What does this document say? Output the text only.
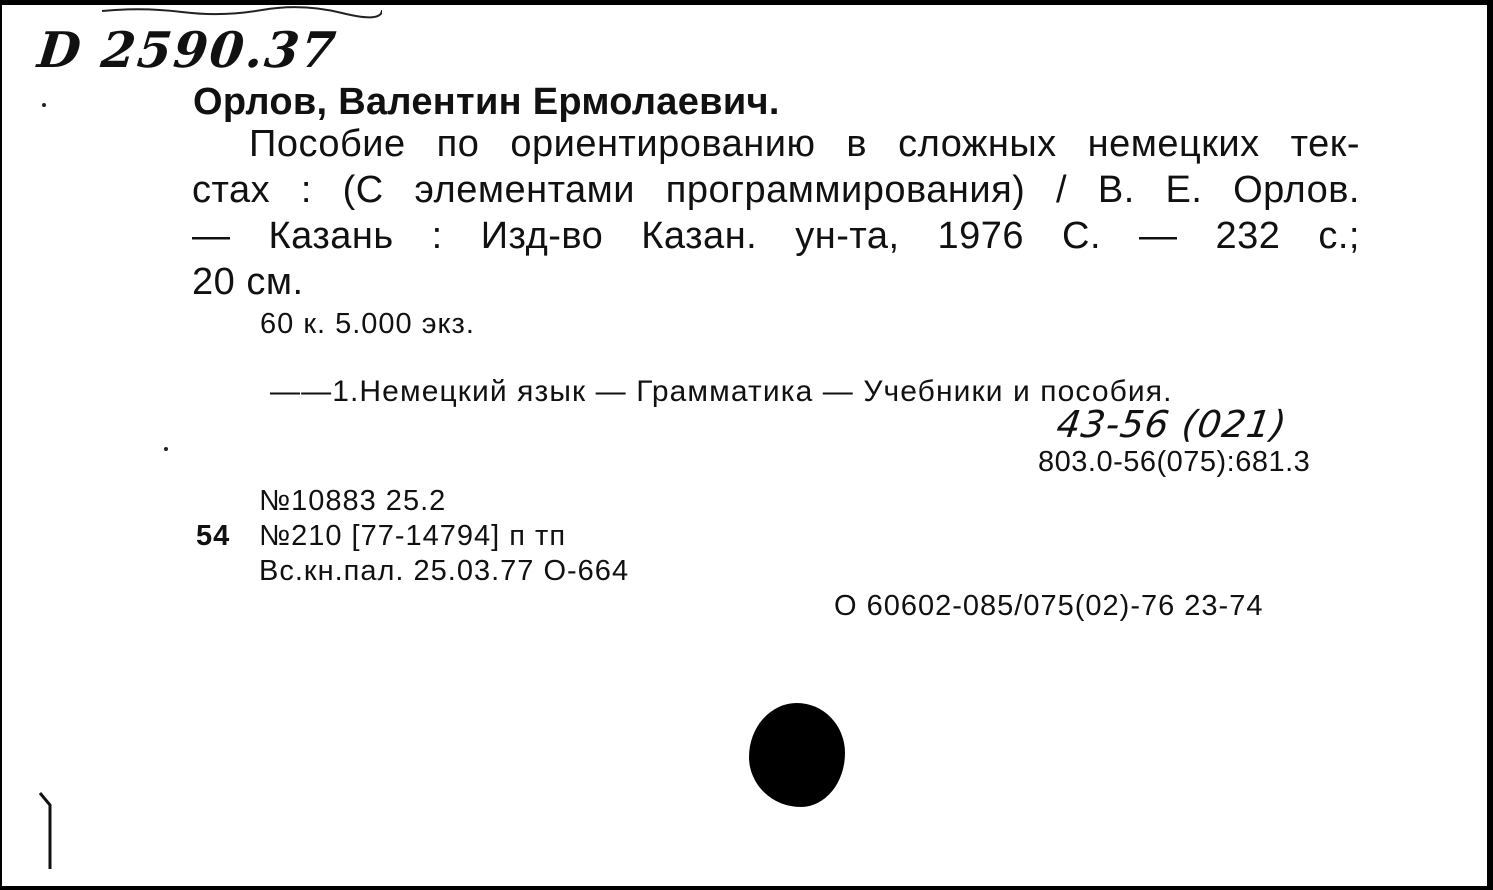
D 2590.37
Орлов, Валентин Ермолаевич.
Пособие по ориентированию в сложных немецких тек-
стах : (С элементами программирования) / В. Е. Орлов.
— Казань : Изд-во Казан. ун-та, 1976 С. — 232 с.;
20 см.
60 к. 5.000 экз.
——1.Немецкий язык — Грамматика — Учебники и пособия.
43-56 (021)
803.0-56(075):681.3
№10883 25.2
54 №210 [77-14794] п тп
Вс.кн.пал. 25.03.77 О-664
О 60602-085/075(02)-76 23-74
